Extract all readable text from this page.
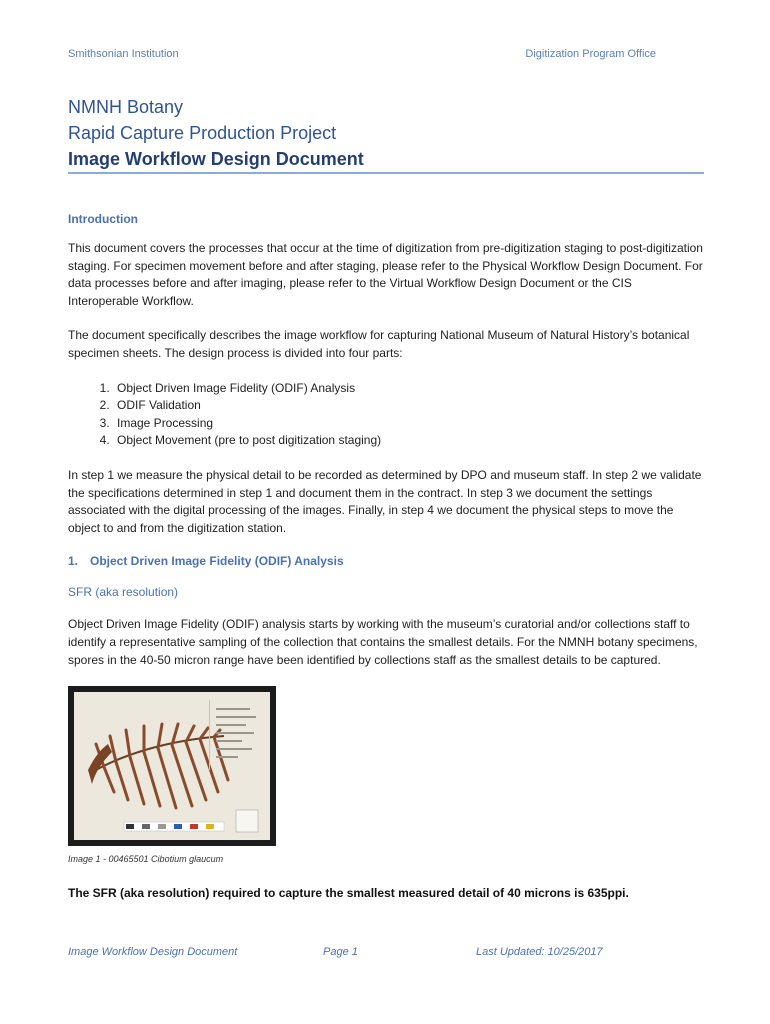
Smithsonian Institution	Digitization Program Office
NMNH Botany
Rapid Capture Production Project
Image Workflow Design Document
Introduction

This document covers the processes that occur at the time of digitization from pre-digitization staging to post-digitization staging. For specimen movement before and after staging, please refer to the Physical Workflow Design Document. For data processes before and after imaging, please refer to the Virtual Workflow Design Document or the CIS Interoperable Workflow.

The document specifically describes the image workflow for capturing National Museum of Natural History’s botanical specimen sheets. The design process is divided into four parts:

1. Object Driven Image Fidelity (ODIF) Analysis
2. ODIF Validation
3. Image Processing
4. Object Movement (pre to post digitization staging)

In step 1 we measure the physical detail to be recorded as determined by DPO and museum staff. In step 2 we validate the specifications determined in step 1 and document them in the contract. In step 3 we document the settings associated with the digital processing of the images. Finally, in step 4 we document the physical steps to move the object to and from the digitization station.

1. Object Driven Image Fidelity (ODIF) Analysis
SFR (aka resolution)

Object Driven Image Fidelity (ODIF) analysis starts by working with the museum’s curatorial and/or collections staff to identify a representative sampling of the collection that contains the smallest details. For the NMNH botany specimens, spores in the 40-50 micron range have been identified by collections staff as the smallest details to be captured.

Image 1 - 00465501 Cibotium glaucum
The SFR (aka resolution) required to capture the smallest measured detail of 40 microns is 635ppi.
Image Workflow Design Document	Page 1	Last Updated: 10/25/2017
